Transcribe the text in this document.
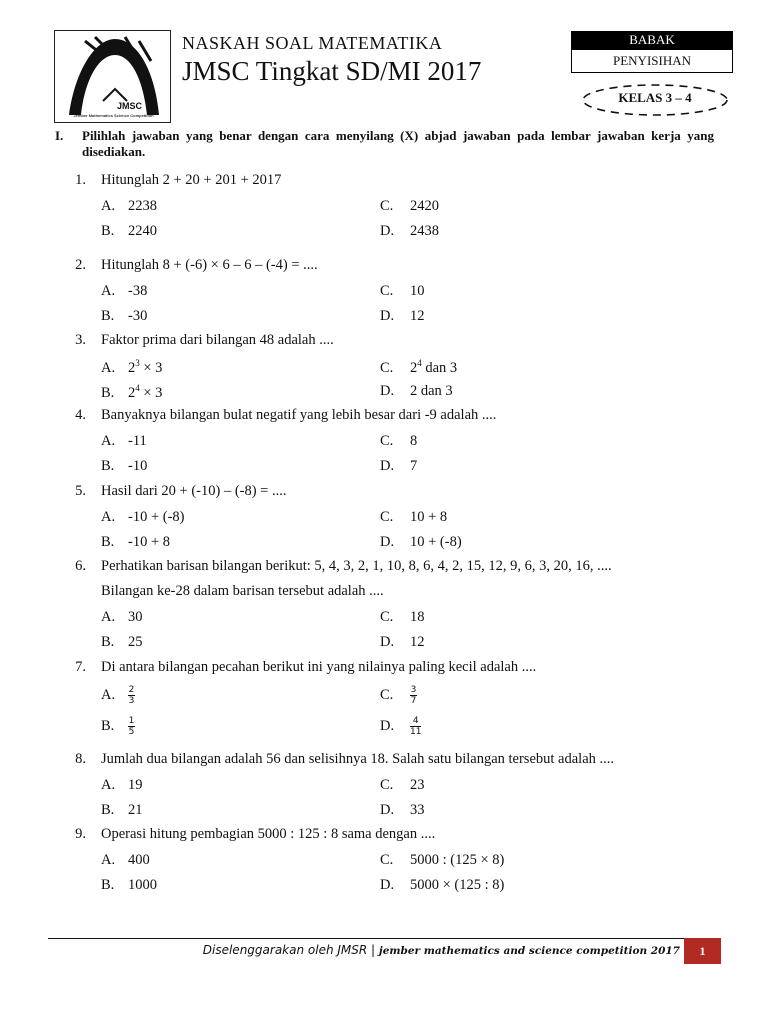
JMSC
Jember Mathematics Science Competition
NASKAH SOAL MATEMATIKA
JMSC Tingkat SD/MI 2017
BABAK
PENYISIHAN
KELAS 3 – 4
I. Pilihlah jawaban yang benar dengan cara menyilang (X) abjad jawaban pada lembar jawaban kerja yang disediakan.
1. Hitunglah 2 + 20 + 201 + 2017
A. 2238
B. 2240
C. 2420
D. 2438
2. Hitunglah 8 + (-6) × 6 – 6 – (-4) = ....
A. -38
B. -30
C. 10
D. 12
3. Faktor prima dari bilangan 48 adalah ....
A. $2^3 \times 3$
B. $2^4 \times 3$
C. $2^4$ dan 3
D. 2 dan 3
4. Banyaknya bilangan bulat negatif yang lebih besar dari -9 adalah ....
A. -11
B. -10
C. 8
D. 7
5. Hasil dari 20 + (-10) – (-8) = ....
A. -10 + (-8)
B. -10 + 8
C. 10 + 8
D. 10 + (-8)
6. Perhatikan barisan bilangan berikut: 5, 4, 3, 2, 1, 10, 8, 6, 4, 2, 15, 12, 9, 6, 3, 20, 16, ....
Bilangan ke-28 dalam barisan tersebut adalah ....
A. 30
B. 25
C. 18
D. 12
7. Di antara bilangan pecahan berikut ini yang nilainya paling kecil adalah ....
A. $\frac{2}{3}$
B. $\frac{1}{5}$
C. $\frac{3}{7}$
D. $\frac{4}{11}$
8. Jumlah dua bilangan adalah 56 dan selisihnya 18. Salah satu bilangan tersebut adalah ....
A. 19
B. 21
C. 23
D. 33
9. Operasi hitung pembagian 5000 : 125 : 8 sama dengan ....
A. 400
B. 1000
C. 5000 : (125 × 8)
D. 5000 × (125 : 8)
Diselenggarakan oleh JMSR | jember mathematics and science competition 2017	1
